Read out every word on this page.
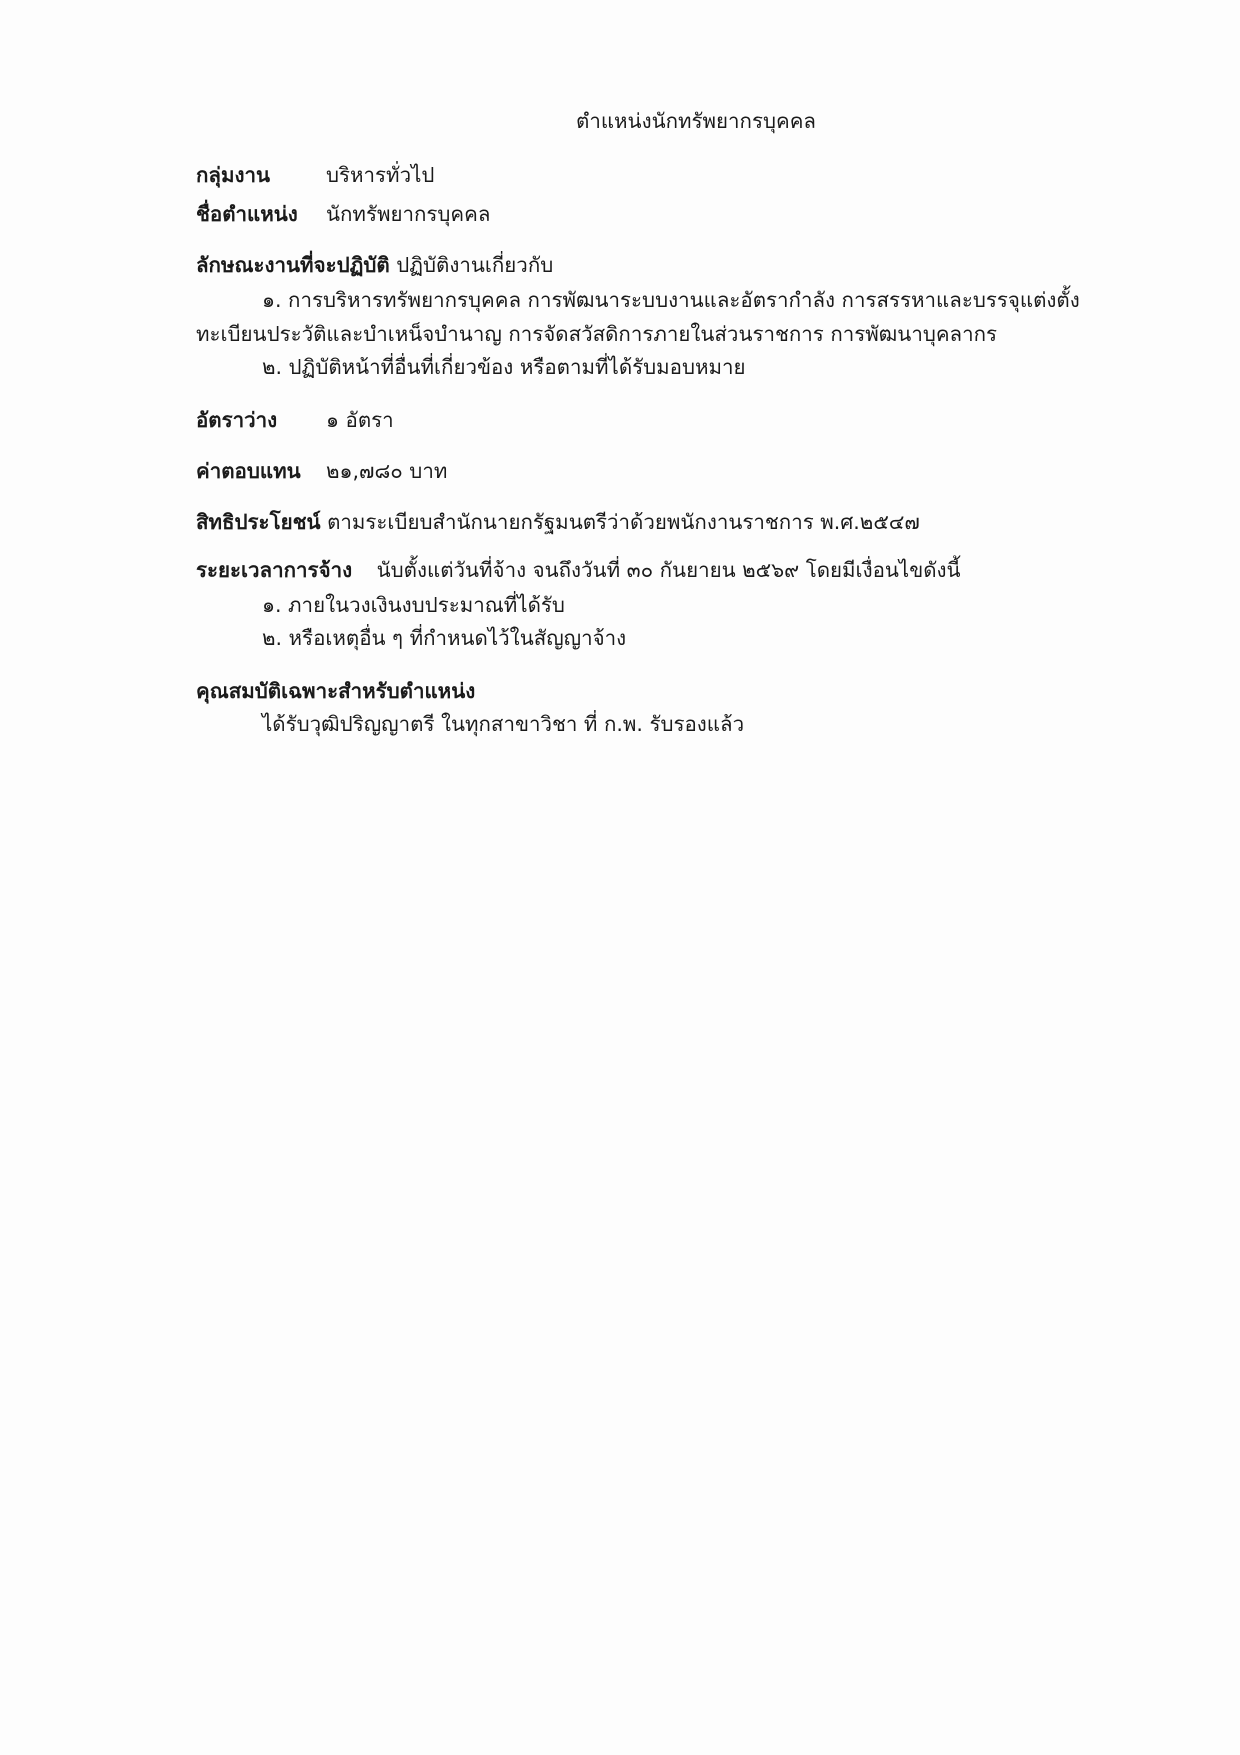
ตำแหน่งนักทรัพยากรบุคคล
กลุ่มงาน	บริหารทั่วไป
ชื่อตำแหน่ง นักทรัพยากรบุคคล
ลักษณะงานที่จะปฏิบัติ ปฏิบัติงานเกี่ยวกับ
๑. การบริหารทรัพยากรบุคคล การพัฒนาระบบงานและอัตรากำลัง การสรรหาและบรรจุแต่งตั้ง
ทะเบียนประวัติและบำเหน็จบำนาญ การจัดสวัสดิการภายในส่วนราชการ การพัฒนาบุคลากร
๒. ปฏิบัติหน้าที่อื่นที่เกี่ยวข้อง หรือตามที่ได้รับมอบหมาย
อัตราว่าง ๑ อัตรา
ค่าตอบแทน ๒๑,๗๘๐ บาท
สิทธิประโยชน์ ตามระเบียบสำนักนายกรัฐมนตรีว่าด้วยพนักงานราชการ พ.ศ.๒๕๔๗
ระยะเวลาการจ้าง นับตั้งแต่วันที่จ้าง จนถึงวันที่ ๓๐ กันยายน ๒๕๖๙ โดยมีเงื่อนไขดังนี้
๑. ภายในวงเงินงบประมาณที่ได้รับ
๒. หรือเหตุอื่น ๆ ที่กำหนดไว้ในสัญญาจ้าง
คุณสมบัติเฉพาะสำหรับตำแหน่ง
ได้รับวุฒิปริญญาตรี ในทุกสาขาวิชา ที่ ก.พ. รับรองแล้ว
